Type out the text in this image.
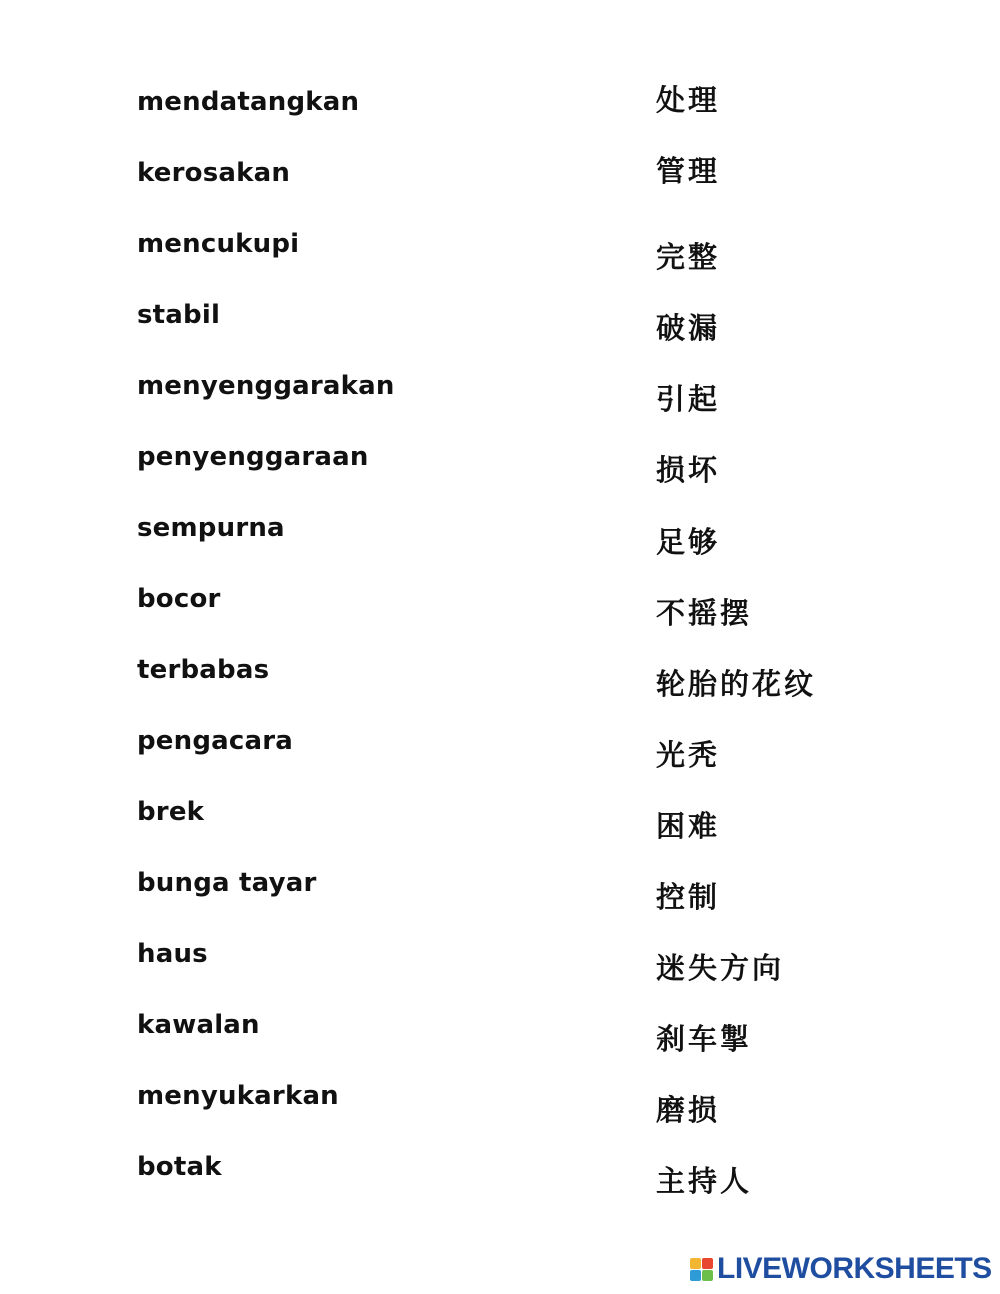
mendatangkan
kerosakan
mencukupi
stabil
menyenggarakan
penyenggaraan
sempurna
bocor
terbabas
pengacara
brek
bunga tayar
haus
kawalan
menyukarkan
botak
处理
管理
完整
破漏
引起
损坏
足够
不摇摆
轮胎的花纹
光秃
困难
控制
迷失方向
刹车掣
磨损
主持人
LIVEWORKSHEETS
